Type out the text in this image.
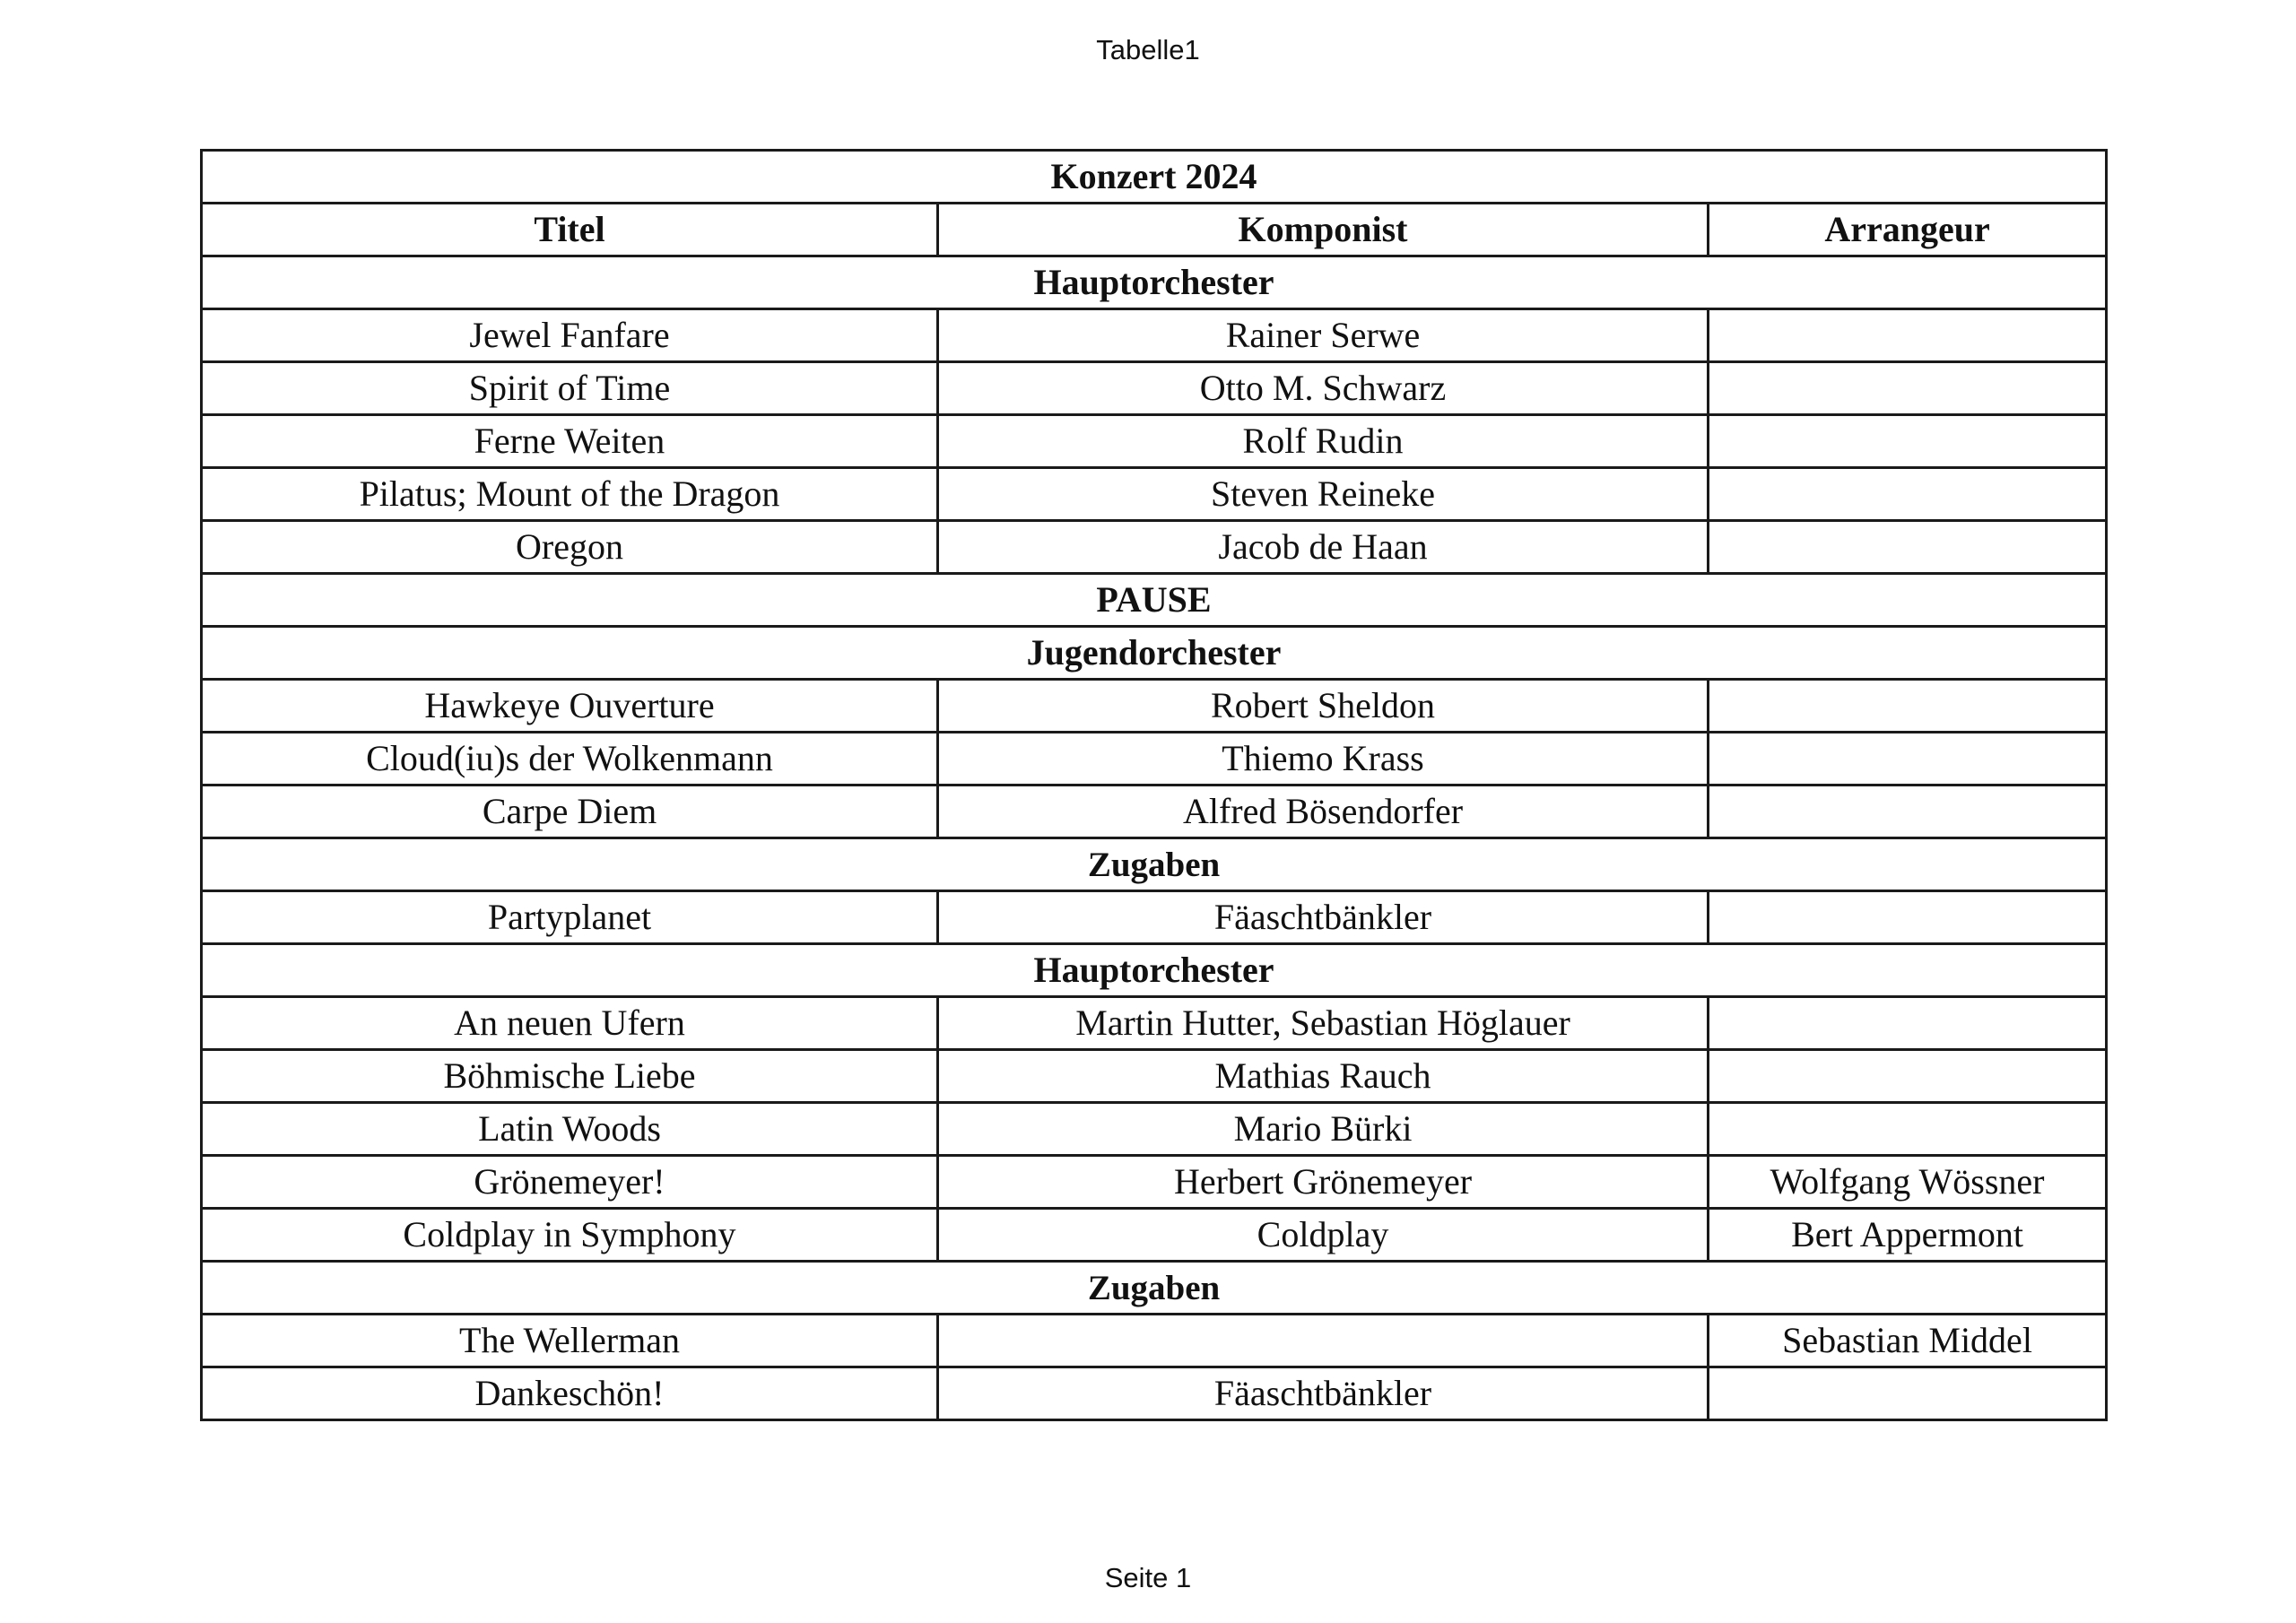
Tabelle1
Konzert 2024		
Titel	Komponist	Arrangeur
Hauptorchester		
Jewel Fanfare	Rainer Serwe	
Spirit of Time	Otto M. Schwarz	
Ferne Weiten	Rolf Rudin	
Pilatus; Mount of the Dragon	Steven Reineke	
Oregon	Jacob de Haan	
PAUSE		
Jugendorchester		
Hawkeye Ouverture	Robert Sheldon	
Cloud(iu)s der Wolkenmann	Thiemo Krass	
Carpe Diem	Alfred Bösendorfer	
Zugaben		
Partyplanet	Fäaschtbänkler	
Hauptorchester		
An neuen Ufern	Martin Hutter, Sebastian Höglauer	
Böhmische Liebe	Mathias Rauch	
Latin Woods	Mario Bürki	
Grönemeyer!	Herbert Grönemeyer	Wolfgang Wössner
Coldplay in Symphony	Coldplay	Bert Appermont
Zugaben		
The Wellerman		Sebastian Middel
Dankeschön!	Fäaschtbänkler	
Seite 1
